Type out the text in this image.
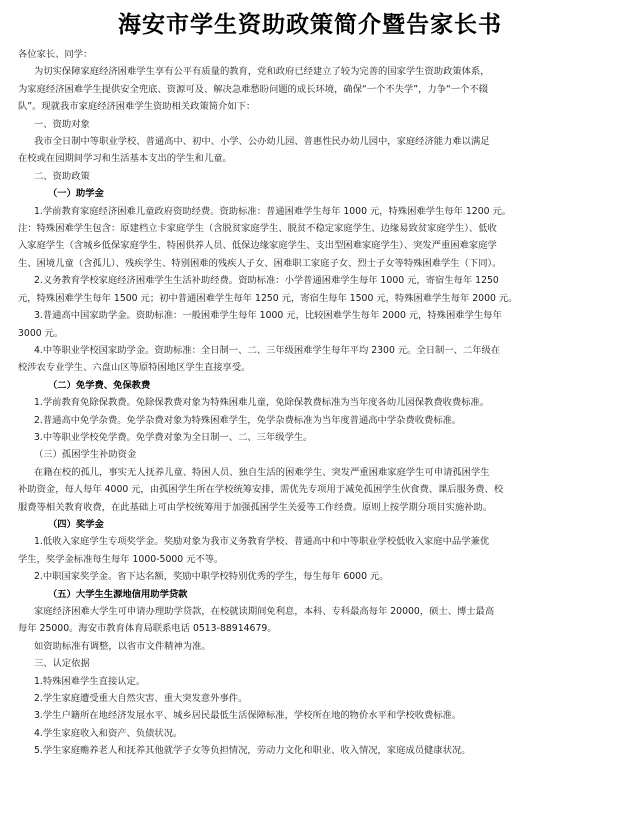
海安市学生资助政策简介暨告家长书
各位家长、同学：
为切实保障家庭经济困难学生享有公平有质量的教育，党和政府已经建立了较为完善的国家学生资助政策体系，
为家庭经济困难学生提供安全兜底、资源可及、解决急难愁盼问题的成长环境，确保“一个不失学”，力争“一个不辍
队”。现就我市家庭经济困难学生资助相关政策简介如下：
一、资助对象
我市全日制中等职业学校、普通高中、初中、小学、公办幼儿园、普惠性民办幼儿园中，家庭经济能力难以满足
在校或在园期间学习和生活基本支出的学生和儿童。
二、资助政策
（一）助学金
1.学前教育家庭经济困难儿童政府资助经费。资助标准：普通困难学生每年 1000 元，特殊困难学生每年 1200 元。
注：特殊困难学生包含：原建档立卡家庭学生（含脱贫家庭学生、脱贫不稳定家庭学生、边缘易致贫家庭学生）、低收
入家庭学生（含城乡低保家庭学生、特困供养人员、低保边缘家庭学生、支出型困难家庭学生）、突发严重困难家庭学
生、困境儿童（含孤儿）、残疾学生、特别困难的残疾人子女、困难职工家庭子女、烈士子女等特殊困难学生（下同）。
2.义务教育学校家庭经济困难学生生活补助经费。资助标准：小学普通困难学生每年 1000 元，寄宿生每年 1250
元，特殊困难学生每年 1500 元；初中普通困难学生每年 1250 元，寄宿生每年 1500 元，特殊困难学生每年 2000 元。
3.普通高中国家助学金。资助标准：一般困难学生每年 1000 元，比较困难学生每年 2000 元，特殊困难学生每年
3000 元。
4.中等职业学校国家助学金。资助标准：全日制一、二、三年级困难学生每年平均 2300 元。全日制一、二年级在
校涉农专业学生、六盘山区等原特困地区学生直接享受。
（二）免学费、免保教费
1.学前教育免除保教费。免除保教费对象为特殊困难儿童，免除保教费标准为当年度各幼儿园保教费收费标准。
2.普通高中免学杂费。免学杂费对象为特殊困难学生，免学杂费标准为当年度普通高中学杂费收费标准。
3.中等职业学校免学费。免学费对象为全日制一、二、三年级学生。
（三）孤困学生补助资金
在籍在校的孤儿，事实无人抚养儿童、特困人员、独自生活的困难学生、突发严重困难家庭学生可申请孤困学生
补助资金，每人每年 4000 元，由孤困学生所在学校统筹安排，需优先专项用于减免孤困学生伙食费、课后服务费、校
服费等相关教育收费，在此基础上可由学校统筹用于加强孤困学生关爱等工作经费。原则上按学期分项目实施补助。
（四）奖学金
1.低收入家庭学生专项奖学金。奖励对象为我市义务教育学校、普通高中和中等职业学校低收入家庭中品学兼优
学生，奖学金标准每生每年 1000-5000 元不等。
2.中职国家奖学金。省下达名额，奖励中职学校特别优秀的学生，每生每年 6000 元。
（五）大学生生源地信用助学贷款
家庭经济困难大学生可申请办理助学贷款，在校就读期间免利息，本科、专科最高每年 20000，硕士、博士最高
每年 25000。海安市教育体育局联系电话 0513-88914679。
如资助标准有调整，以省市文件精神为准。
三、认定依据
1.特殊困难学生直接认定。
2.学生家庭遭受重大自然灾害、重大突发意外事件。
3.学生户籍所在地经济发展水平、城乡居民最低生活保障标准，学校所在地的物价水平和学校收费标准。
4.学生家庭收入和资产、负债状况。
5.学生家庭赡养老人和抚养其他就学子女等负担情况，劳动力文化和职业、收入情况，家庭成员健康状况。
